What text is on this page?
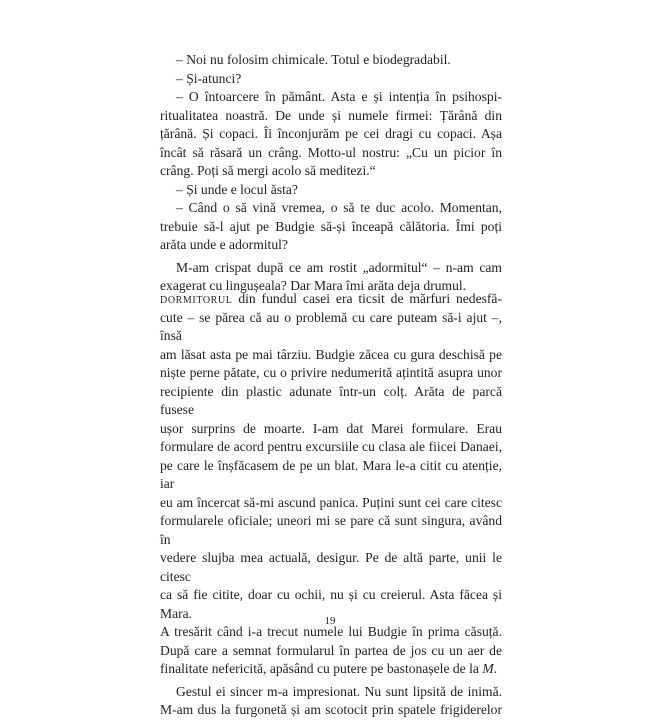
– Noi nu folosim chimicale. Totul e biodegradabil.

– Și-atunci?

– O întoarcere în pământ. Asta e și intenția în psihospi-
ritualitatea noastră. De unde și numele firmei: Țărână din
țărână. Și copaci. Îi înconjurăm pe cei dragi cu copaci. Așa
încât să răsară un crâng. Motto-ul nostru: „Cu un picior în
crâng. Poți să mergi acolo să meditezi.“

– Și unde e locul ăsta?

– Când o să vină vremea, o să te duc acolo. Momentan,
trebuie să-l ajut pe Budgie să-și înceapă călătoria. Îmi poți
arăta unde e adormitul?

M-am crispat după ce am rostit „adormitul“ – n-am cam
exagerat cu lingușeala? Dar Mara îmi arăta deja drumul.

dormitorul din fundul casei era ticsit de mărfuri nedesfă-
cute – se părea că au o problemă cu care puteam să-i ajut –, însă
am lăsat asta pe mai târziu. Budgie zăcea cu gura deschisă pe
niște perne pătate, cu o privire nedumerită ațintită asupra unor
recipiente din plastic adunate într-un colț. Arăta de parcă fusese
ușor surprins de moarte. I-am dat Marei formulare. Erau
formulare de acord pentru excursiile cu clasa ale fiicei Danaei,
pe care le înșfăcasem de pe un blat. Mara le-a citit cu atenție, iar
eu am încercat să-mi ascund panica. Puțini sunt cei care citesc
formularele oficiale; uneori mi se pare că sunt singura, având în
vedere slujba mea actuală, desigur. Pe de altă parte, unii le citesc
ca să fie citite, doar cu ochii, nu și cu creierul. Asta făcea și Mara.
A tresărit când i-a trecut numele lui Budgie în prima căsuță.
După care a semnat formularul în partea de jos cu un aer de
finalitate nefericită, apăsând cu putere pe bastonașele de la M.

Gestul ei sincer m-a impresionat. Nu sunt lipsită de inimă.
M-am dus la furgonetă și am scotocit prin spatele frigiderelor

19
